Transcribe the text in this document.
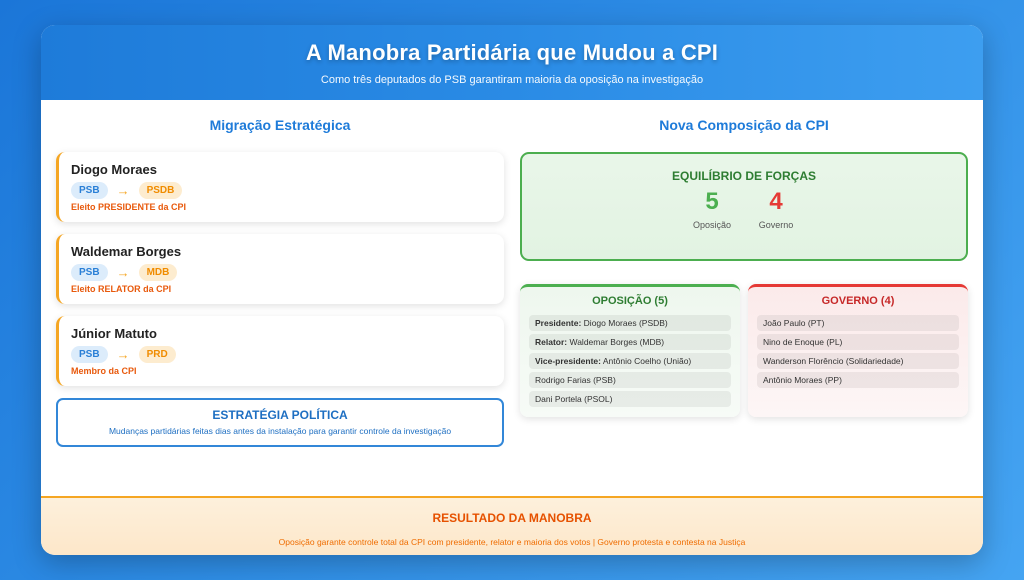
A Manobra Partidária que Mudou a CPI

Como três deputados do PSB garantiram maioria da oposição na investigação

Migração Estratégica
Diogo Moraes
PSB	→	PSDB
Eleito PRESIDENTE da CPI
Waldemar Borges
PSB	→	MDB
Eleito RELATOR da CPI
Júnior Matuto
PSB	→	PRD
Membro da CPI
ESTRATÉGIA POLÍTICA

Mudanças partidárias feitas dias antes da instalação para garantir controle da investigação

Nova Composição da CPI
EQUILÍBRIO DE FORÇAS
5
Oposição
4
Governo
OPOSIÇÃO (5)
Presidente: Diogo Moraes (PSDB)
Relator: Waldemar Borges (MDB)
Vice-presidente: Antônio Coelho (União)
Rodrigo Farias (PSB)
Dani Portela (PSOL)
GOVERNO (4)
João Paulo (PT)
Nino de Enoque (PL)
Wanderson Florêncio (Solidariedade)
Antônio Moraes (PP)
RESULTADO DA MANOBRA

Oposição garante controle total da CPI com presidente, relator e maioria dos votos | Governo protesta e contesta na Justiça
